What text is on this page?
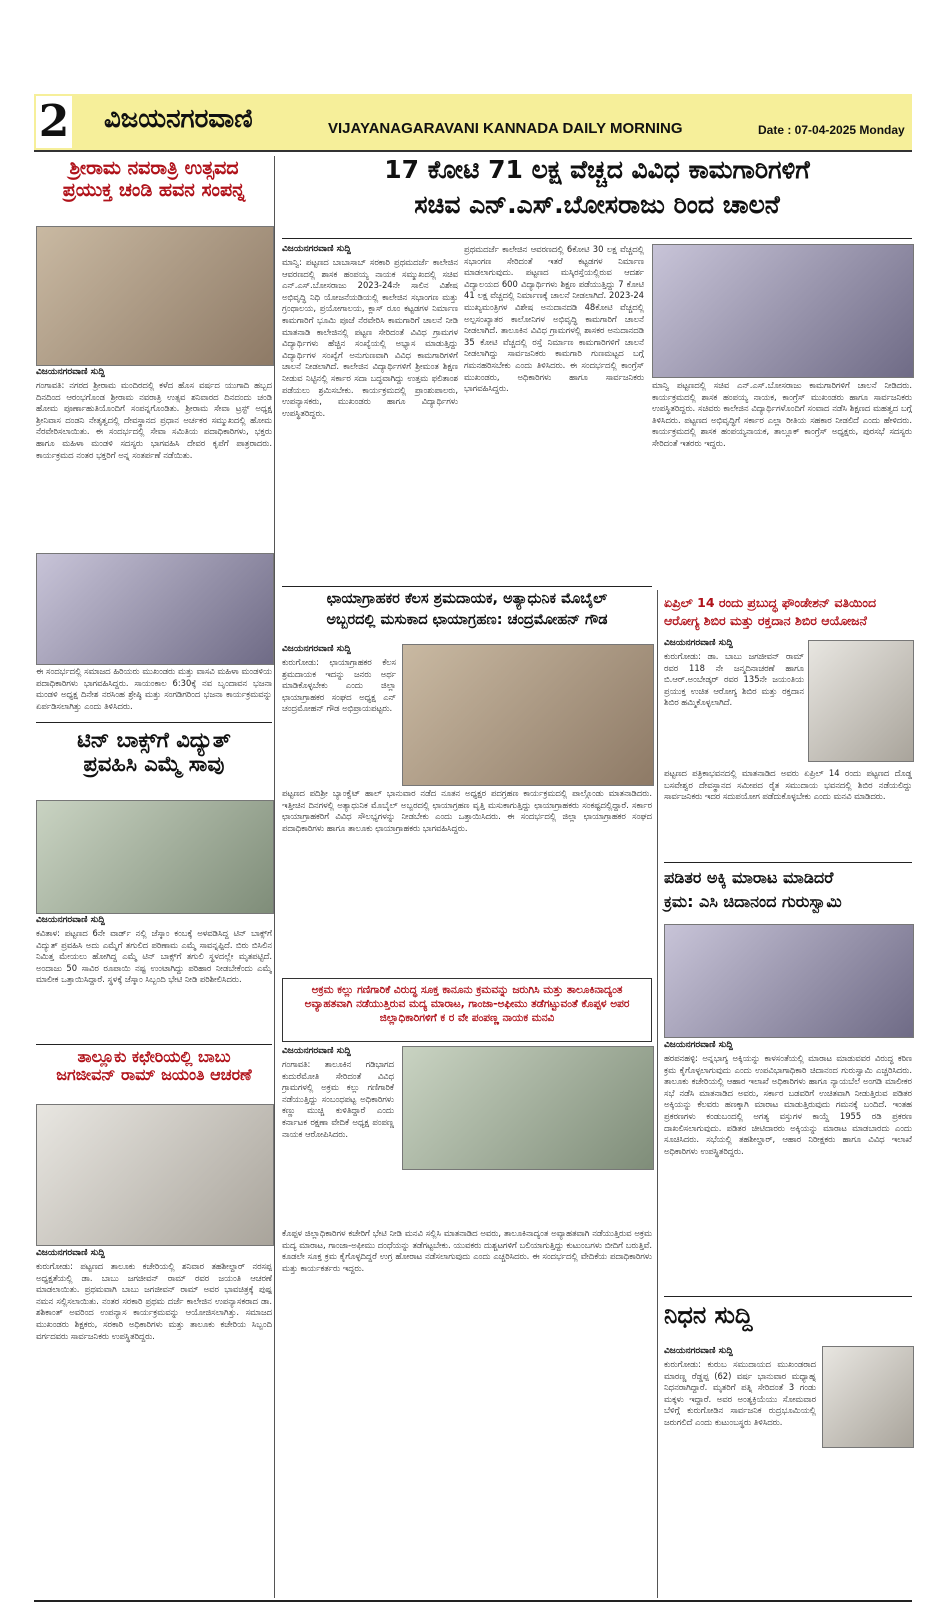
2 ವಿಜಯನಗರವಾಣಿ	VIJAYANAGARAVANI KANNADA DAILY MORNING	Date : 07-04-2025 Monday
ಶ್ರೀರಾಮ ನವರಾತ್ರಿ ಉತ್ಸವದ
ಪ್ರಯುಕ್ತ ಚಂಡಿ ಹವನ ಸಂಪನ್ನ
ವಿಜಯನಗರವಾಣಿ ಸುದ್ದಿ
ಗಂಗಾವತಿ: ನಗರದ ಶ್ರೀರಾಮ ಮಂದಿರದಲ್ಲಿ ಕಳೆದ ಹೊಸ ವರ್ಷದ ಯುಗಾದಿ ಹಬ್ಬದ ದಿನದಿಂದ ಆರಂಭಗೊಂಡ ಶ್ರೀರಾಮ ನವರಾತ್ರಿ ಉತ್ಸವ ಶನಿವಾರದ ದಿನದಂದು ಚಂಡಿ ಹೋಮ ಪೂರ್ಣಾಹುತಿಯೊಂದಿಗೆ ಸಂಪನ್ನಗೊಂಡಿತು. ಶ್ರೀರಾಮ ಸೇವಾ ಟ್ರಸ್ಟ್ ಅಧ್ಯಕ್ಷ ಶ್ರೀನಿವಾಸ ದಂಡನಿ ನೇತೃತ್ವದಲ್ಲಿ ದೇವಸ್ಥಾನದ ಪ್ರಧಾನ ಅರ್ಚಕರ ಸಮ್ಮುಖದಲ್ಲಿ ಹೋಮ ನೆರವೇರಿಸಲಾಯಿತು. ಈ ಸಂದರ್ಭದಲ್ಲಿ ಸೇವಾ ಸಮಿತಿಯ ಪದಾಧಿಕಾರಿಗಳು, ಭಕ್ತರು ಹಾಗೂ ಮಹಿಳಾ ಮಂಡಳಿ ಸದಸ್ಯರು ಭಾಗವಹಿಸಿ ದೇವರ ಕೃಪೆಗೆ ಪಾತ್ರರಾದರು. ಕಾರ್ಯಕ್ರಮದ ನಂತರ ಭಕ್ತರಿಗೆ ಅನ್ನ ಸಂತರ್ಪಣೆ ನಡೆಯಿತು.
ಈ ಸಂದರ್ಭದಲ್ಲಿ ಸಮಾಜದ ಹಿರಿಯರು ಮುಖಂಡರು ಮತ್ತು ವಾಸವಿ ಮಹಿಳಾ ಮಂಡಳಿಯ ಪದಾಧಿಕಾರಿಗಳು ಭಾಗವಹಿಸಿದ್ದರು. ಸಾಯಂಕಾಲ 6:30ಕ್ಕೆ ನವ ಬೃಂದಾವನ ಭಜನಾ ಮಂಡಳಿ ಅಧ್ಯಕ್ಷ ದಿನೇಶ ನರಸಿಂಹ ಶ್ರೇಷ್ಠಿ ಮತ್ತು ಸಂಗಡಿಗರಿಂದ ಭಜನಾ ಕಾರ್ಯಕ್ರಮವನ್ನು ಏರ್ಪಡಿಸಲಾಗಿತ್ತು ಎಂದು ತಿಳಿಸಿದರು.
ಟಿನ್ ಬಾಕ್ಸ್‌ಗೆ ವಿದ್ಯುತ್
ಪ್ರವಹಿಸಿ ಎಮ್ಮೆ ಸಾವು
ವಿಜಯನಗರವಾಣಿ ಸುದ್ದಿ
ಕವಿತಾಳ: ಪಟ್ಟಣದ 6ನೇ ವಾರ್ಡ್ ನಲ್ಲಿ ಜೆಸ್ಕಾಂ ಕಂಬಕ್ಕೆ ಅಳವಡಿಸಿದ್ದ ಟಿನ್ ಬಾಕ್ಸ್‌ಗೆ ವಿದ್ಯುತ್ ಪ್ರವಹಿಸಿ ಅದು ಎಮ್ಮೆಗೆ ತಗುಲಿದ ಪರಿಣಾಮ ಎಮ್ಮೆ ಸಾವನ್ನಪ್ಪಿದೆ. ಬಿರು ಬಿಸಿಲಿನ ನಿಮಿತ್ತ ಮೇಯಲು ಹೋಗಿದ್ದ ಎಮ್ಮೆ ಟಿನ್ ಬಾಕ್ಸ್‌ಗೆ ತಗುಲಿ ಸ್ಥಳದಲ್ಲೇ ಮೃತಪಟ್ಟಿದೆ. ಅಂದಾಜು 50 ಸಾವಿರ ರೂಪಾಯಿ ನಷ್ಟ ಉಂಟಾಗಿದ್ದು ಪರಿಹಾರ ನೀಡಬೇಕೆಂದು ಎಮ್ಮೆ ಮಾಲೀಕ ಒತ್ತಾಯಿಸಿದ್ದಾರೆ. ಸ್ಥಳಕ್ಕೆ ಜೆಸ್ಕಾಂ ಸಿಬ್ಬಂದಿ ಭೇಟಿ ನೀಡಿ ಪರಿಶೀಲಿಸಿದರು.
ತಾಲ್ಲೂಕು ಕಛೇರಿಯಲ್ಲಿ ಬಾಬು
ಜಗಜೀವನ್ ರಾಮ್ ಜಯಂತಿ ಆಚರಣೆ
ವಿಜಯನಗರವಾಣಿ ಸುದ್ದಿ
ಕುರುಗೋಡು: ಪಟ್ಟಣದ ತಾಲೂಕು ಕಚೇರಿಯಲ್ಲಿ ಶನಿವಾರ ತಹಶೀಲ್ದಾರ್ ನರಸಪ್ಪ ಅಧ್ಯಕ್ಷತೆಯಲ್ಲಿ ಡಾ. ಬಾಬು ಜಗಜೀವನ್ ರಾಮ್ ರವರ ಜಯಂತಿ ಆಚರಣೆ ಮಾಡಲಾಯಿತು. ಪ್ರಥಮವಾಗಿ ಬಾಬು ಜಗಜೀವನ್ ರಾಮ್ ಅವರ ಭಾವಚಿತ್ರಕ್ಕೆ ಪುಷ್ಪ ನಮನ ಸಲ್ಲಿಸಲಾಯಿತು. ನಂತರ ಸರಕಾರಿ ಪ್ರಥಮ ದರ್ಜೆ ಕಾಲೇಜಿನ ಉಪನ್ಯಾಸಕರಾದ ಡಾ. ಶಶಿಕಾಂತ್ ಅವರಿಂದ ಉಪನ್ಯಾಸ ಕಾರ್ಯಕ್ರಮವನ್ನು ಆಯೋಜಿಸಲಾಗಿತ್ತು. ಸಮಾಜದ ಮುಖಂಡರು ಶಿಕ್ಷಕರು, ಸರಕಾರಿ ಅಧಿಕಾರಿಗಳು ಮತ್ತು ತಾಲೂಕು ಕಚೇರಿಯ ಸಿಬ್ಬಂದಿ ವರ್ಗದವರು ಸಾರ್ವಜನಿಕರು ಉಪಸ್ಥಿತರಿದ್ದರು.
17 ಕೋಟಿ 71 ಲಕ್ಷ ವೆಚ್ಚದ ವಿವಿಧ ಕಾಮಗಾರಿಗಳಿಗೆ
ಸಚಿವ ಎನ್.ಎಸ್.ಬೋಸರಾಜು ರಿಂದ ಚಾಲನೆ
ವಿಜಯನಗರವಾಣಿ ಸುದ್ದಿ
ಮಾನ್ವಿ: ಪಟ್ಟಣದ ಬಾಬಾಸಾಬ್ ಸರಕಾರಿ ಪ್ರಥಮದರ್ಜೆ ಕಾಲೇಜಿನ ಆವರಣದಲ್ಲಿ ಶಾಸಕ ಹಂಪಯ್ಯ ನಾಯಕ ಸಮ್ಮುಖದಲ್ಲಿ ಸಚಿವ ಎನ್.ಎಸ್.ಬೋಸರಾಜು 2023-24ನೇ ಸಾಲಿನ ವಿಶೇಷ ಅಭಿವೃದ್ಧಿ ನಿಧಿ ಯೋಜನೆಯಡಿಯಲ್ಲಿ ಕಾಲೇಜಿನ ಸಭಾಂಗಣ ಮತ್ತು ಗ್ರಂಥಾಲಯ, ಪ್ರಯೋಗಾಲಯ, ಕ್ಲಾಸ್ ರೂಂ ಕಟ್ಟಡಗಳ ನಿರ್ಮಾಣ ಕಾಮಗಾರಿಗೆ ಭೂಮಿ ಪೂಜೆ ನೆರವೇರಿಸಿ ಕಾಮಗಾರಿಗೆ ಚಾಲನೆ ನೀಡಿ ಮಾತನಾಡಿ ಕಾಲೇಜಿನಲ್ಲಿ ಪಟ್ಟಣ ಸೇರಿದಂತೆ ವಿವಿಧ ಗ್ರಾಮಗಳ ವಿದ್ಯಾರ್ಥಿಗಳು ಹೆಚ್ಚಿನ ಸಂಖ್ಯೆಯಲ್ಲಿ ಅಭ್ಯಾಸ ಮಾಡುತ್ತಿದ್ದು ವಿದ್ಯಾರ್ಥಿಗಳ ಸಂಖ್ಯೆಗೆ ಅನುಗುಣವಾಗಿ ವಿವಿಧ ಕಾಮಗಾರಿಗಳಿಗೆ ಚಾಲನೆ ನೀಡಲಾಗಿದೆ. ಕಾಲೇಜಿನ ವಿದ್ಯಾರ್ಥಿಗಳಿಗೆ ಶ್ರೀಮಂತ ಶಿಕ್ಷಣ ನೀಡುವ ನಿಟ್ಟಿನಲ್ಲಿ ಸರ್ಕಾರ ಸದಾ ಬದ್ಧವಾಗಿದ್ದು ಉತ್ತಮ ಫಲಿತಾಂಶ ಪಡೆಯಲು ಶ್ರಮಿಸಬೇಕು. ಕಾರ್ಯಕ್ರಮದಲ್ಲಿ ಪ್ರಾಂಶುಪಾಲರು, ಉಪನ್ಯಾಸಕರು, ಮುಖಂಡರು ಹಾಗೂ ವಿದ್ಯಾರ್ಥಿಗಳು ಉಪಸ್ಥಿತರಿದ್ದರು.
ಪ್ರಥಮದರ್ಜೆ ಕಾಲೇಜಿನ ಆವರಣದಲ್ಲಿ 6ಕೋಟಿ 30 ಲಕ್ಷ ವೆಚ್ಚದಲ್ಲಿ ಸಭಾಂಗಣ ಸೇರಿದಂತೆ ಇತರೆ ಕಟ್ಟಡಗಳ ನಿರ್ಮಾಣ ಮಾಡಲಾಗುವುದು. ಪಟ್ಟಣದ ಮಸ್ಕಿರಸ್ತೆಯಲ್ಲಿರುವ ಆದರ್ಶ ವಿದ್ಯಾಲಯದ 600 ವಿದ್ಯಾರ್ಥಿಗಳು ಶಿಕ್ಷಣ ಪಡೆಯುತ್ತಿದ್ದು 7 ಕೋಟಿ 41 ಲಕ್ಷ ವೆಚ್ಚದಲ್ಲಿ ನಿರ್ಮಾಣಕ್ಕೆ ಚಾಲನೆ ನೀಡಲಾಗಿದೆ. 2023-24 ಮುಖ್ಯಮಂತ್ರಿಗಳ ವಿಶೇಷ ಅನುದಾನದಡಿ 48ಕೋಟಿ ವೆಚ್ಚದಲ್ಲಿ ಅಲ್ಪಸಂಖ್ಯಾತರ ಕಾಲೋನಿಗಳ ಅಭಿವೃದ್ಧಿ ಕಾಮಗಾರಿಗೆ ಚಾಲನೆ ನೀಡಲಾಗಿದೆ. ತಾಲೂಕಿನ ವಿವಿಧ ಗ್ರಾಮಗಳಲ್ಲಿ ಶಾಸಕರ ಅನುದಾನದಡಿ 35 ಕೋಟಿ ವೆಚ್ಚದಲ್ಲಿ ರಸ್ತೆ ನಿರ್ಮಾಣ ಕಾಮಗಾರಿಗಳಿಗೆ ಚಾಲನೆ ನೀಡಲಾಗಿದ್ದು ಸಾರ್ವಜನಿಕರು ಕಾಮಗಾರಿ ಗುಣಮಟ್ಟದ ಬಗ್ಗೆ ಗಮನಹರಿಸಬೇಕು ಎಂದು ತಿಳಿಸಿದರು. ಈ ಸಂದರ್ಭದಲ್ಲಿ ಕಾಂಗ್ರೆಸ್ ಮುಖಂಡರು, ಅಧಿಕಾರಿಗಳು ಹಾಗೂ ಸಾರ್ವಜನಿಕರು ಭಾಗವಹಿಸಿದ್ದರು.	ಮಾನ್ವಿ ಪಟ್ಟಣದಲ್ಲಿ ಸಚಿವ ಎನ್.ಎಸ್.ಬೋಸರಾಜು ಕಾಮಗಾರಿಗಳಿಗೆ ಚಾಲನೆ ನೀಡಿದರು. ಕಾರ್ಯಕ್ರಮದಲ್ಲಿ ಶಾಸಕ ಹಂಪಯ್ಯ ನಾಯಕ, ಕಾಂಗ್ರೆಸ್ ಮುಖಂಡರು ಹಾಗೂ ಸಾರ್ವಜನಿಕರು ಉಪಸ್ಥಿತರಿದ್ದರು. ಸಚಿವರು ಕಾಲೇಜಿನ ವಿದ್ಯಾರ್ಥಿಗಳೊಂದಿಗೆ ಸಂವಾದ ನಡೆಸಿ ಶಿಕ್ಷಣದ ಮಹತ್ವದ ಬಗ್ಗೆ ತಿಳಿಸಿದರು. ಪಟ್ಟಣದ ಅಭಿವೃದ್ಧಿಗೆ ಸರ್ಕಾರ ಎಲ್ಲಾ ರೀತಿಯ ಸಹಕಾರ ನೀಡಲಿದೆ ಎಂದು ಹೇಳಿದರು. ಕಾರ್ಯಕ್ರಮದಲ್ಲಿ ಶಾಸಕ ಹಂಪಯ್ಯನಾಯಕ, ತಾಲ್ಲೂಕ್ ಕಾಂಗ್ರೆಸ್ ಅಧ್ಯಕ್ಷರು, ಪುರಸಭೆ ಸದಸ್ಯರು ಸೇರಿದಂತೆ ಇತರರು ಇದ್ದರು.
ಛಾಯಾಗ್ರಾಹಕರ ಕೆಲಸ ಶ್ರಮದಾಯಕ, ಅತ್ಯಾಧುನಿಕ ಮೊಬೈಲ್
ಅಬ್ಬರದಲ್ಲಿ ಮಸುಕಾದ ಛಾಯಾಗ್ರಹಣ: ಚಂದ್ರಮೋಹನ್ ಗೌಡ
ವಿಜಯನಗರವಾಣಿ ಸುದ್ದಿ
ಕುರುಗೋಡು: ಛಾಯಾಗ್ರಾಹಕರ ಕೆಲಸ ಶ್ರಮದಾಯಕ ಇದನ್ನು ಜನರು ಅರ್ಥ ಮಾಡಿಕೊಳ್ಳಬೇಕು ಎಂದು ಜಿಲ್ಲಾ ಛಾಯಾಗ್ರಾಹಕರ ಸಂಘದ ಅಧ್ಯಕ್ಷ ಎನ್ ಚಂದ್ರಮೋಹನ್ ಗೌಡ ಅಭಿಪ್ರಾಯಪಟ್ಟರು.
ಪಟ್ಟಣದ ಪದಿಶ್ರೀ ಬ್ಯಾಂಕ್ವೆಟ್ ಹಾಲ್ ಭಾನುವಾರ ನಡೆದ ನೂತನ ಅಧ್ಯಕ್ಷರ ಪದಗ್ರಹಣ ಕಾರ್ಯಕ್ರಮದಲ್ಲಿ ಪಾಲ್ಗೊಂಡು ಮಾತನಾಡಿದರು. ಇತ್ತೀಚಿನ ದಿನಗಳಲ್ಲಿ ಅತ್ಯಾಧುನಿಕ ಮೊಬೈಲ್ ಅಬ್ಬರದಲ್ಲಿ ಛಾಯಾಗ್ರಹಣ ವೃತ್ತಿ ಮಸುಕಾಗುತ್ತಿದ್ದು ಛಾಯಾಗ್ರಾಹಕರು ಸಂಕಷ್ಟದಲ್ಲಿದ್ದಾರೆ. ಸರ್ಕಾರ ಛಾಯಾಗ್ರಾಹಕರಿಗೆ ವಿವಿಧ ಸೌಲಭ್ಯಗಳನ್ನು ನೀಡಬೇಕು ಎಂದು ಒತ್ತಾಯಿಸಿದರು. ಈ ಸಂದರ್ಭದಲ್ಲಿ ಜಿಲ್ಲಾ ಛಾಯಾಗ್ರಾಹಕರ ಸಂಘದ ಪದಾಧಿಕಾರಿಗಳು ಹಾಗೂ ತಾಲೂಕು ಛಾಯಾಗ್ರಾಹಕರು ಭಾಗವಹಿಸಿದ್ದರು.
ಅಕ್ರಮ ಕಲ್ಲು ಗಣಿಗಾರಿಕೆ ವಿರುದ್ಧ ಸೂಕ್ತ ಕಾನೂನು ಕ್ರಮವನ್ನು ಜರುಗಿಸಿ ಮತ್ತು ತಾಲೂಕಿನಾದ್ಯಂತ ಅವ್ಯಾಹತವಾಗಿ ನಡೆಯುತ್ತಿರುವ ಮದ್ಯ ಮಾರಾಟ, ಗಾಂಜಾ-ಅಫೀಮು ತಡೆಗಟ್ಟುವಂತೆ ಕೊಪ್ಪಳ ಅಪರ ಜಿಲ್ಲಾಧಿಕಾರಿಗಳಿಗೆ ಕ ರ ವೇ ಪಂಪಣ್ಣ ನಾಯಕ ಮನವಿ
ವಿಜಯನಗರವಾಣಿ ಸುದ್ದಿ
ಗಂಗಾವತಿ: ತಾಲೂಕಿನ ಗಡಿಭಾಗದ ಕುದುರೆಮೋತಿ ಸೇರಿದಂತೆ ವಿವಿಧ ಗ್ರಾಮಗಳಲ್ಲಿ ಅಕ್ರಮ ಕಲ್ಲು ಗಣಿಗಾರಿಕೆ ನಡೆಯುತ್ತಿದ್ದು ಸಂಬಂಧಪಟ್ಟ ಅಧಿಕಾರಿಗಳು ಕಣ್ಣು ಮುಚ್ಚಿ ಕುಳಿತಿದ್ದಾರೆ ಎಂದು ಕರ್ನಾಟಕ ರಕ್ಷಣಾ ವೇದಿಕೆ ಅಧ್ಯಕ್ಷ ಪಂಪಣ್ಣ ನಾಯಕ ಆರೋಪಿಸಿದರು.
ಕೊಪ್ಪಳ ಜಿಲ್ಲಾಧಿಕಾರಿಗಳ ಕಚೇರಿಗೆ ಭೇಟಿ ನೀಡಿ ಮನವಿ ಸಲ್ಲಿಸಿ ಮಾತನಾಡಿದ ಅವರು, ತಾಲೂಕಿನಾದ್ಯಂತ ಅವ್ಯಾಹತವಾಗಿ ನಡೆಯುತ್ತಿರುವ ಅಕ್ರಮ ಮದ್ಯ ಮಾರಾಟ, ಗಾಂಜಾ-ಅಫೀಮು ದಂಧೆಯನ್ನು ತಡೆಗಟ್ಟಬೇಕು. ಯುವಕರು ದುಶ್ಚಟಗಳಿಗೆ ಬಲಿಯಾಗುತ್ತಿದ್ದು ಕುಟುಂಬಗಳು ಬೀದಿಗೆ ಬರುತ್ತಿವೆ. ಕೂಡಲೇ ಸೂಕ್ತ ಕ್ರಮ ಕೈಗೊಳ್ಳದಿದ್ದರೆ ಉಗ್ರ ಹೋರಾಟ ನಡೆಸಲಾಗುವುದು ಎಂದು ಎಚ್ಚರಿಸಿದರು. ಈ ಸಂದರ್ಭದಲ್ಲಿ ವೇದಿಕೆಯ ಪದಾಧಿಕಾರಿಗಳು ಮತ್ತು ಕಾರ್ಯಕರ್ತರು ಇದ್ದರು.
ಏಪ್ರಿಲ್ 14 ರಂದು ಪ್ರಬುದ್ಧ ಫೌಂಡೇಶನ್ ವತಿಯಿಂದ ಆರೋಗ್ಯ ಶಿಬಿರ ಮತ್ತು ರಕ್ತದಾನ ಶಿಬಿರ ಆಯೋಜನೆ
ವಿಜಯನಗರವಾಣಿ ಸುದ್ದಿ
ಕುರುಗೋಡು: ಡಾ. ಬಾಬು ಜಗಜೀವನ್ ರಾಮ್ ರವರ 118 ನೇ ಜನ್ಮದಿನಾಚರಣೆ ಹಾಗೂ ಬಿ.ಆರ್.ಅಂಬೇಡ್ಕರ್ ರವರ 135ನೇ ಜಯಂತಿಯ ಪ್ರಯುಕ್ತ ಉಚಿತ ಆರೋಗ್ಯ ಶಿಬಿರ ಮತ್ತು ರಕ್ತದಾನ ಶಿಬಿರ ಹಮ್ಮಿಕೊಳ್ಳಲಾಗಿದೆ.
ಪಟ್ಟಣದ ಪತ್ರಿಕಾಭವನದಲ್ಲಿ ಮಾತನಾಡಿದ ಅವರು ಏಪ್ರಿಲ್ 14 ರಂದು ಪಟ್ಟಣದ ದೊಡ್ಡ ಬಸವೇಶ್ವರ ದೇವಸ್ಥಾನದ ಸಮೀಪದ ರೈತ ಸಮುದಾಯ ಭವನದಲ್ಲಿ ಶಿಬಿರ ನಡೆಯಲಿದ್ದು ಸಾರ್ವಜನಿಕರು ಇದರ ಸದುಪಯೋಗ ಪಡೆದುಕೊಳ್ಳಬೇಕು ಎಂದು ಮನವಿ ಮಾಡಿದರು.
ಪಡಿತರ ಅಕ್ಕಿ ಮಾರಾಟ ಮಾಡಿದರೆ
ಕ್ರಮ: ಎಸಿ ಚಿದಾನಂದ ಗುರುಸ್ವಾಮಿ
ವಿಜಯನಗರವಾಣಿ ಸುದ್ದಿ
ಹರಪನಹಳ್ಳಿ: ಅನ್ನಭಾಗ್ಯ ಅಕ್ಕಿಯನ್ನು ಕಾಳಸಂತೆಯಲ್ಲಿ ಮಾರಾಟ ಮಾಡುವವರ ವಿರುದ್ಧ ಕಠಿಣ ಕ್ರಮ ಕೈಗೊಳ್ಳಲಾಗುವುದು ಎಂದು ಉಪವಿಭಾಗಾಧಿಕಾರಿ ಚಿದಾನಂದ ಗುರುಸ್ವಾಮಿ ಎಚ್ಚರಿಸಿದರು. ತಾಲೂಕು ಕಚೇರಿಯಲ್ಲಿ ಆಹಾರ ಇಲಾಖೆ ಅಧಿಕಾರಿಗಳು ಹಾಗೂ ನ್ಯಾಯಬೆಲೆ ಅಂಗಡಿ ಮಾಲೀಕರ ಸಭೆ ನಡೆಸಿ ಮಾತನಾಡಿದ ಅವರು, ಸರ್ಕಾರ ಬಡವರಿಗೆ ಉಚಿತವಾಗಿ ನೀಡುತ್ತಿರುವ ಪಡಿತರ ಅಕ್ಕಿಯನ್ನು ಕೆಲವರು ಹಣಕ್ಕಾಗಿ ಮಾರಾಟ ಮಾಡುತ್ತಿರುವುದು ಗಮನಕ್ಕೆ ಬಂದಿದೆ. ಇಂತಹ ಪ್ರಕರಣಗಳು ಕಂಡುಬಂದಲ್ಲಿ ಅಗತ್ಯ ವಸ್ತುಗಳ ಕಾಯ್ದೆ 1955 ರಡಿ ಪ್ರಕರಣ ದಾಖಲಿಸಲಾಗುವುದು. ಪಡಿತರ ಚೀಟಿದಾರರು ಅಕ್ಕಿಯನ್ನು ಮಾರಾಟ ಮಾಡಬಾರದು ಎಂದು ಸೂಚಿಸಿದರು. ಸಭೆಯಲ್ಲಿ ತಹಶೀಲ್ದಾರ್, ಆಹಾರ ನಿರೀಕ್ಷಕರು ಹಾಗೂ ವಿವಿಧ ಇಲಾಖೆ ಅಧಿಕಾರಿಗಳು ಉಪಸ್ಥಿತರಿದ್ದರು.
ನಿಧನ ಸುದ್ದಿ
ವಿಜಯನಗರವಾಣಿ ಸುದ್ದಿ
ಕುರುಗೋಡು: ಕುರುಬ ಸಮುದಾಯದ ಮುಖಂಡರಾದ ಮಾರಣ್ಣ ರೆಡ್ಡಪ್ಪ (62) ವರ್ಷ ಭಾನುವಾರ ಮಧ್ಯಾಹ್ನ ನಿಧನರಾಗಿದ್ದಾರೆ. ಮೃತರಿಗೆ ಪತ್ನಿ ಸೇರಿದಂತೆ 3 ಗಂಡು ಮಕ್ಕಳು ಇದ್ದಾರೆ. ಅವರ ಅಂತ್ಯಕ್ರಿಯೆಯು ಸೋಮವಾರ ಬೆಳಿಗ್ಗೆ ಕುರುಗೋಡಿನ ಸಾರ್ವಜನಿಕ ರುದ್ರಭೂಮಿಯಲ್ಲಿ ಜರುಗಲಿದೆ ಎಂದು ಕುಟುಂಬಸ್ಥರು ತಿಳಿಸಿದರು.
